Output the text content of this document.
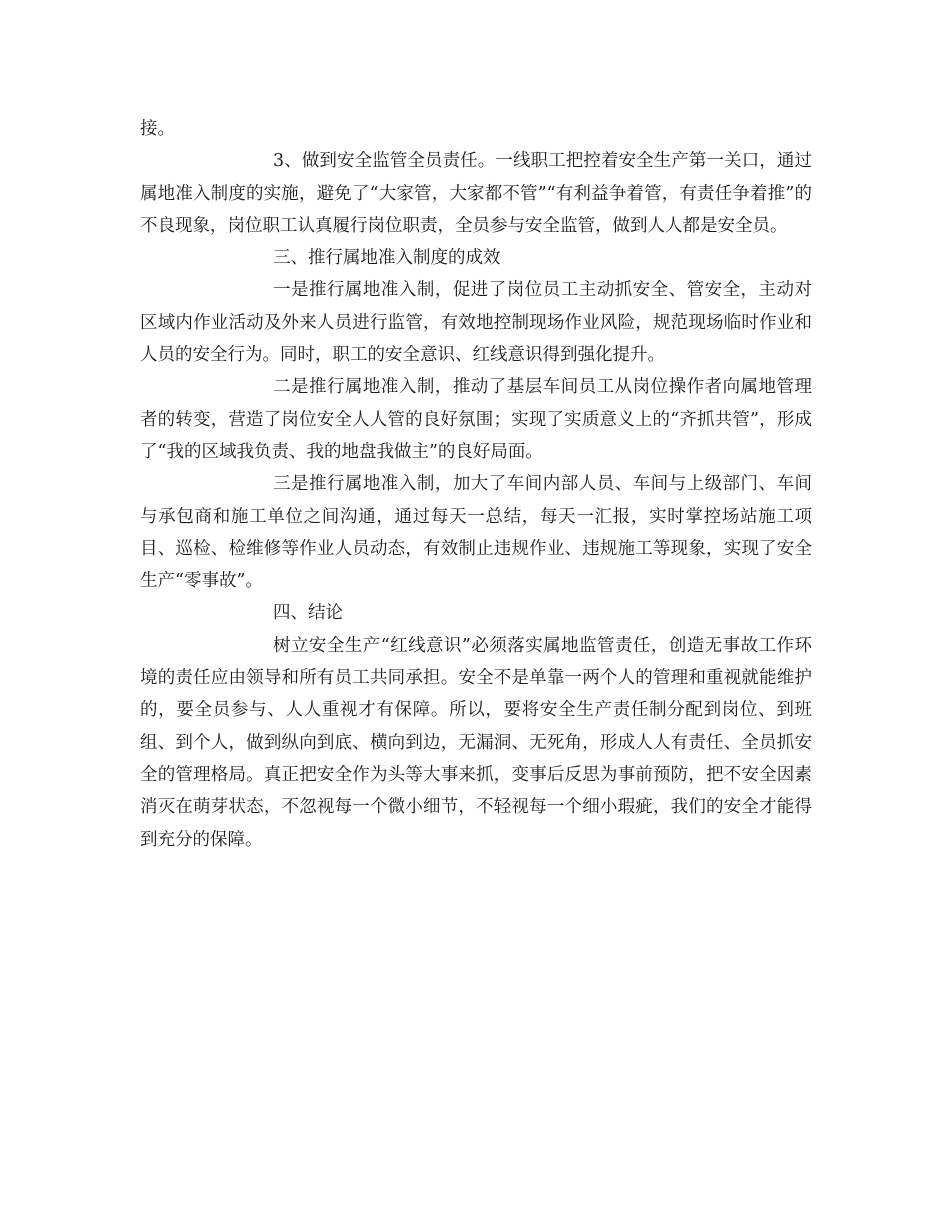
接。

3、做到安全监管全员责任。一线职工把控着安全生产第一关口，通过属地准入制度的实施，避免了“大家管，大家都不管”“有利益争着管，有责任争着推”的不良现象，岗位职工认真履行岗位职责，全员参与安全监管，做到人人都是安全员。

三、推行属地准入制度的成效

一是推行属地准入制，促进了岗位员工主动抓安全、管安全，主动对区域内作业活动及外来人员进行监管，有效地控制现场作业风险，规范现场临时作业和人员的安全行为。同时，职工的安全意识、红线意识得到强化提升。

二是推行属地准入制，推动了基层车间员工从岗位操作者向属地管理者的转变，营造了岗位安全人人管的良好氛围；实现了实质意义上的“齐抓共管”，形成了“我的区域我负责、我的地盘我做主”的良好局面。

三是推行属地准入制，加大了车间内部人员、车间与上级部门、车间与承包商和施工单位之间沟通，通过每天一总结，每天一汇报，实时掌控场站施工项目、巡检、检维修等作业人员动态，有效制止违规作业、违规施工等现象，实现了安全生产“零事故”。

四、结论

树立安全生产“红线意识”必须落实属地监管责任，创造无事故工作环境的责任应由领导和所有员工共同承担。安全不是单靠一两个人的管理和重视就能维护的，要全员参与、人人重视才有保障。所以，要将安全生产责任制分配到岗位、到班组、到个人，做到纵向到底、横向到边，无漏洞、无死角，形成人人有责任、全员抓安全的管理格局。真正把安全作为头等大事来抓，变事后反思为事前预防，把不安全因素消灭在萌芽状态，不忽视每一个微小细节，不轻视每一个细小瑕疵，我们的安全才能得到充分的保障。
